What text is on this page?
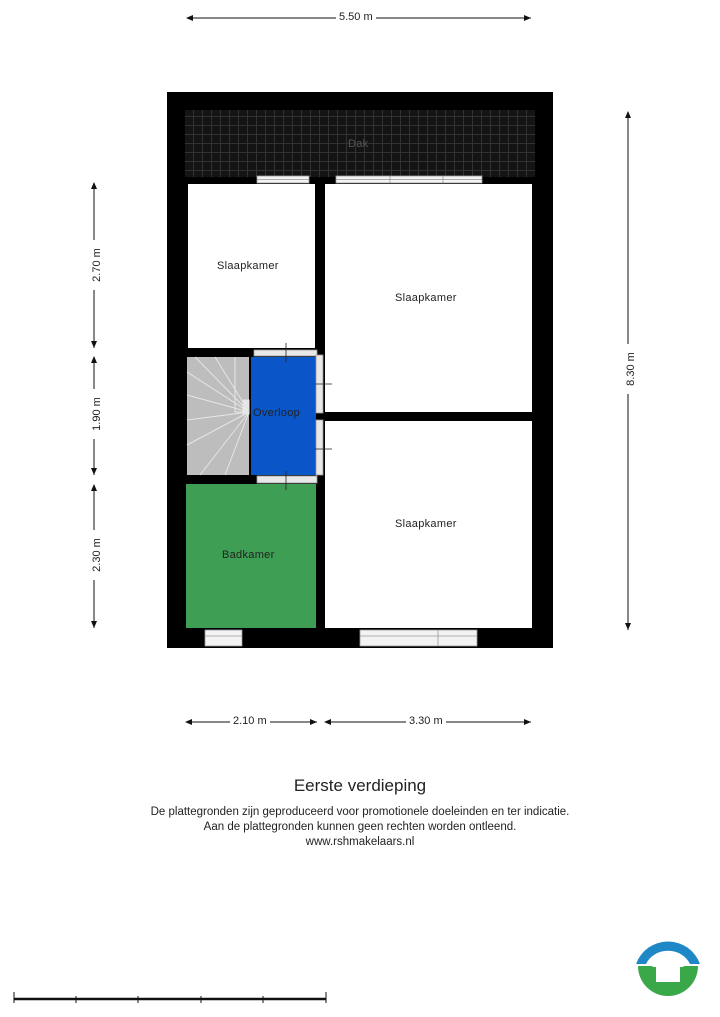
5.50 m
8.30 m
2.70 m
1.90 m
2.30 m
2.10 m	3.30 m
Dak
Slaapkamer
Slaapkamer
Overloop
Badkamer
Slaapkamer
Eerste verdieping
De plattegronden zijn geproduceerd voor promotionele doeleinden en ter indicatie.
Aan de plattegronden kunnen geen rechten worden ontleend.
www.rshmakelaars.nl
